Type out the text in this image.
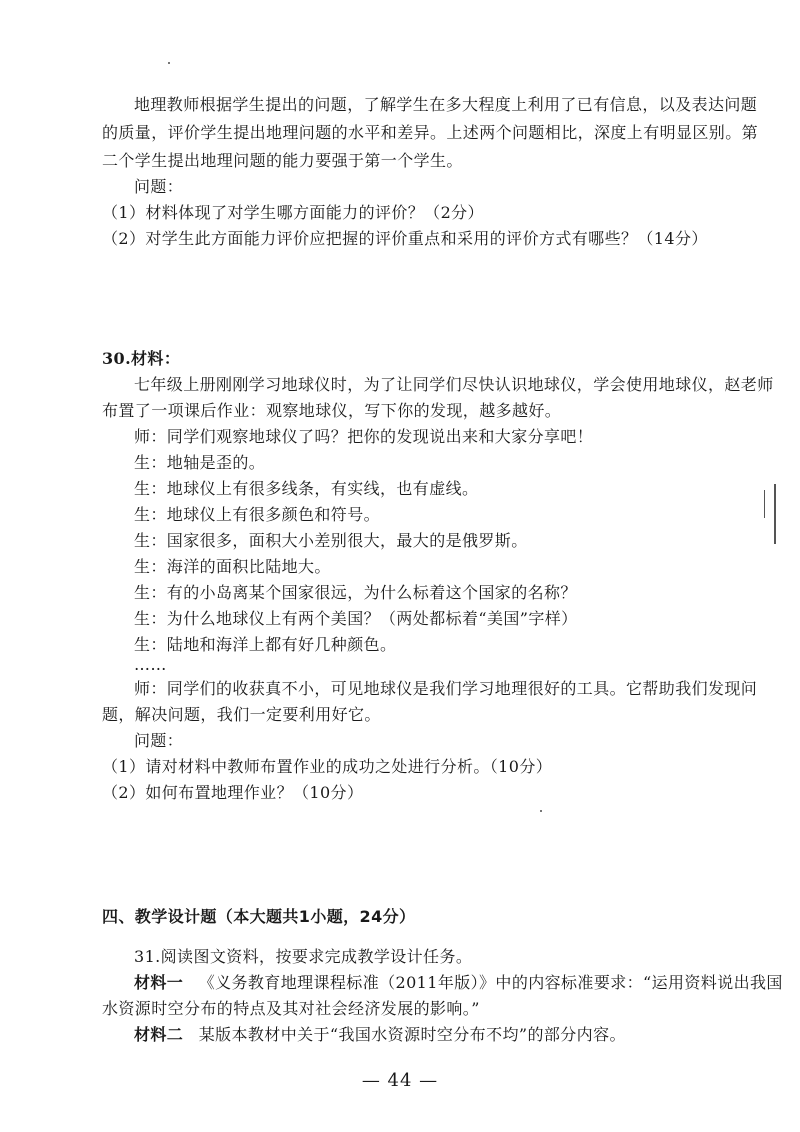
地理教师根据学生提出的问题，了解学生在多大程度上利用了已有信息，以及表达问题
的质量，评价学生提出地理问题的水平和差异。上述两个问题相比，深度上有明显区别。第
二个学生提出地理问题的能力要强于第一个学生。
问题：
（1）材料体现了对学生哪方面能力的评价？（2分）
（2）对学生此方面能力评价应把握的评价重点和采用的评价方式有哪些？（14分）
30.材料：
七年级上册刚刚学习地球仪时，为了让同学们尽快认识地球仪，学会使用地球仪，赵老师
布置了一项课后作业：观察地球仪，写下你的发现，越多越好。
师：同学们观察地球仪了吗？把你的发现说出来和大家分享吧！
生：地轴是歪的。
生：地球仪上有很多线条，有实线，也有虚线。
生：地球仪上有很多颜色和符号。
生：国家很多，面积大小差别很大，最大的是俄罗斯。
生：海洋的面积比陆地大。
生：有的小岛离某个国家很远，为什么标着这个国家的名称？
生：为什么地球仪上有两个美国？（两处都标着“美国”字样）
生：陆地和海洋上都有好几种颜色。
……
师：同学们的收获真不小，可见地球仪是我们学习地理很好的工具。它帮助我们发现问
题，解决问题，我们一定要利用好它。
问题：
（1）请对材料中教师布置作业的成功之处进行分析。（10分）
（2）如何布置地理作业？（10分）
四、教学设计题（本大题共1小题，24分）
31.阅读图文资料，按要求完成教学设计任务。
材料一 《义务教育地理课程标准（2011年版）》中的内容标准要求：“运用资料说出我国
水资源时空分布的特点及其对社会经济发展的影响。”
材料二 某版本教材中关于“我国水资源时空分布不均”的部分内容。
— 44 —
